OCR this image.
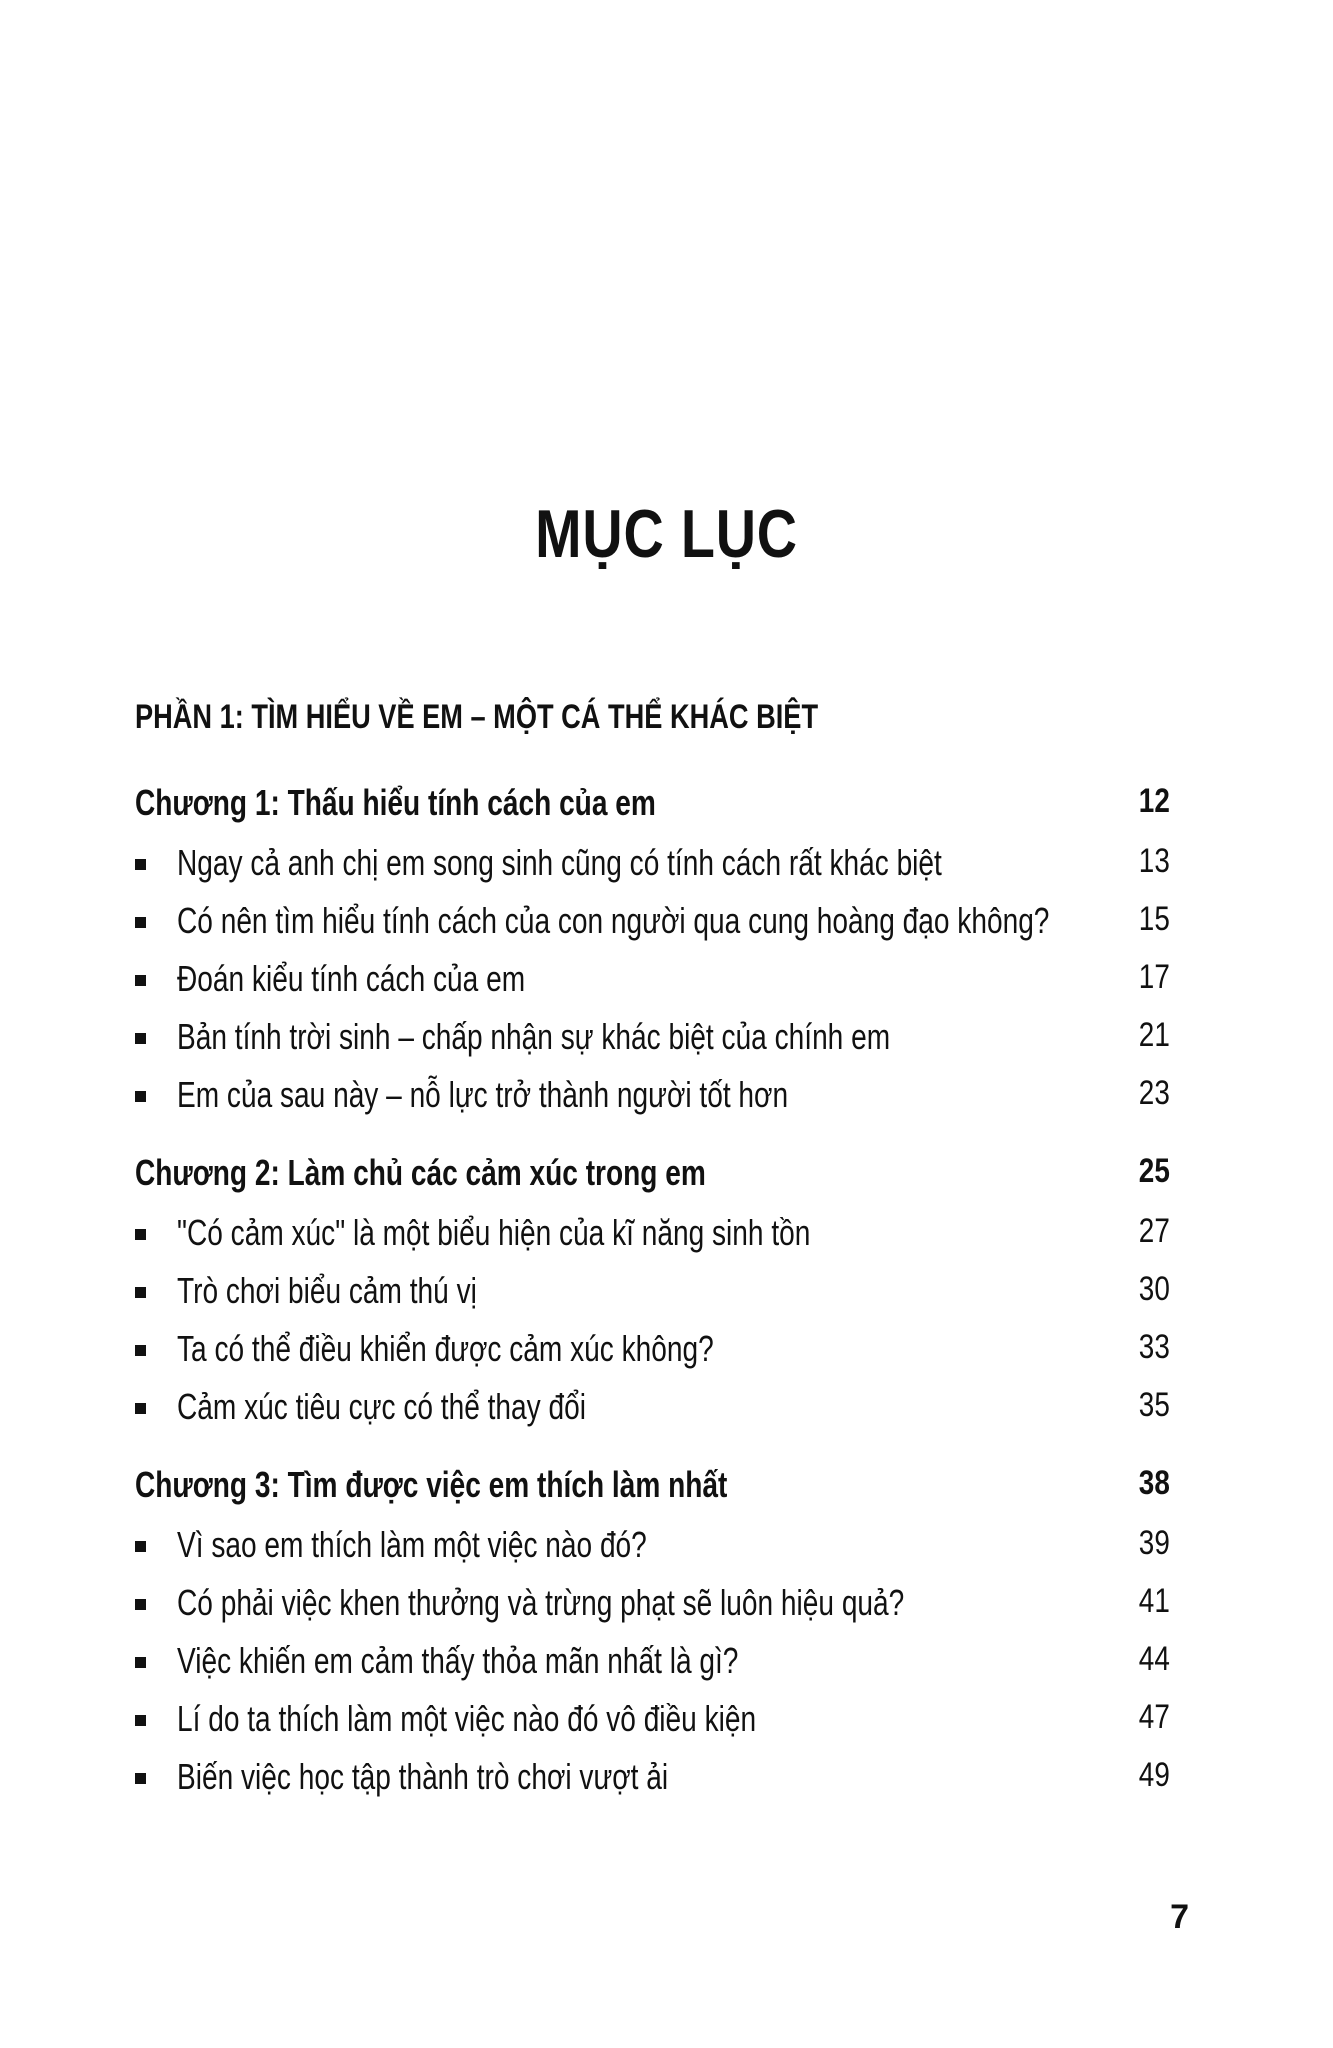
MỤC LỤC
PHẦN 1: TÌM HIỂU VỀ EM – MỘT CÁ THỂ KHÁC BIỆT
Chương 1: Thấu hiểu tính cách của em	12
Ngay cả anh chị em song sinh cũng có tính cách rất khác biệt	13
Có nên tìm hiểu tính cách của con người qua cung hoàng đạo không?	15
Đoán kiểu tính cách của em	17
Bản tính trời sinh – chấp nhận sự khác biệt của chính em	21
Em của sau này – nỗ lực trở thành người tốt hơn	23
Chương 2: Làm chủ các cảm xúc trong em	25
"Có cảm xúc" là một biểu hiện của kĩ năng sinh tồn	27
Trò chơi biểu cảm thú vị	30
Ta có thể điều khiển được cảm xúc không?	33
Cảm xúc tiêu cực có thể thay đổi	35
Chương 3: Tìm được việc em thích làm nhất	38
Vì sao em thích làm một việc nào đó?	39
Có phải việc khen thưởng và trừng phạt sẽ luôn hiệu quả?	41
Việc khiến em cảm thấy thỏa mãn nhất là gì?	44
Lí do ta thích làm một việc nào đó vô điều kiện	47
Biến việc học tập thành trò chơi vượt ải	49
7
